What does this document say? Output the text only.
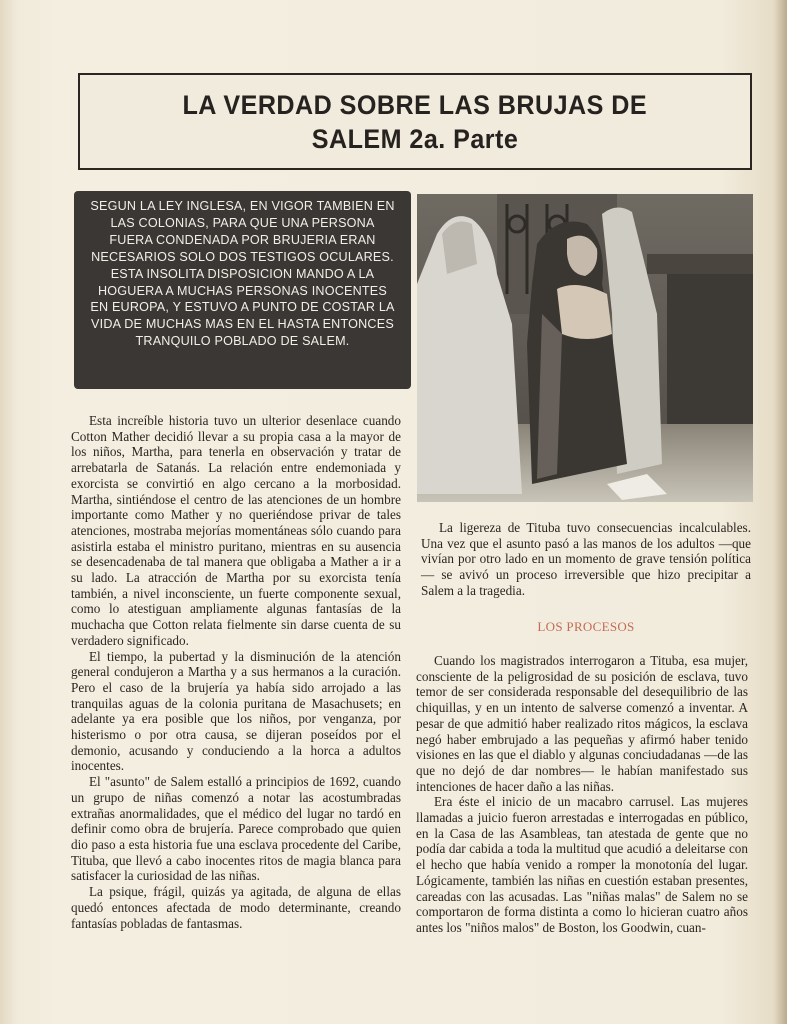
LA VERDAD SOBRE LAS BRUJAS DE
SALEM 2a. Parte
SEGUN LA LEY INGLESA, EN VIGOR TAMBIEN EN LAS COLONIAS, PARA QUE UNA PERSONA FUERA CONDENADA POR BRUJERIA ERAN NECESARIOS SOLO DOS TESTIGOS OCULARES. ESTA INSOLITA DISPOSICION MANDO A LA HOGUERA A MUCHAS PERSONAS INOCENTES EN EUROPA, Y ESTUVO A PUNTO DE COSTAR LA VIDA DE MUCHAS MAS EN EL HASTA ENTONCES TRANQUILO POBLADO DE SALEM.

Esta increíble historia tuvo un ulterior desenlace cuando Cotton Mather decidió llevar a su propia casa a la mayor de los niños, Martha, para tenerla en observación y tratar de arrebatarla de Satanás. La relación entre endemoniada y exorcista se convirtió en algo cercano a la morbosidad. Martha, sintiéndose el centro de las atenciones de un hombre importante como Mather y no queriéndose privar de tales atenciones, mostraba mejorías momentáneas sólo cuando para asistirla estaba el ministro puritano, mientras en su ausencia se desencadenaba de tal manera que obligaba a Mather a ir a su lado. La atracción de Martha por su exorcista tenía también, a nivel inconsciente, un fuerte componente sexual, como lo atestiguan ampliamente algunas fantasías de la muchacha que Cotton relata fielmente sin darse cuenta de su verdadero significado.

El tiempo, la pubertad y la disminución de la atención general condujeron a Martha y a sus hermanos a la curación. Pero el caso de la brujería ya había sido arrojado a las tranquilas aguas de la colonia puritana de Masachusets; en adelante ya era posible que los niños, por venganza, por histerismo o por otra causa, se dijeran poseídos por el demonio, acusando y conduciendo a la horca a adultos inocentes.

El "asunto" de Salem estalló a principios de 1692, cuando un grupo de niñas comenzó a notar las acostumbradas extrañas anormalidades, que el médico del lugar no tardó en definir como obra de brujería. Parece comprobado que quien dio paso a esta historia fue una esclava procedente del Caribe, Tituba, que llevó a cabo inocentes ritos de magia blanca para satisfacer la curiosidad de las niñas.

La psique, frágil, quizás ya agitada, de alguna de ellas quedó entonces afectada de modo determinante, creando fantasías pobladas de fantasmas.

La ligereza de Tituba tuvo consecuencias incalculables. Una vez que el asunto pasó a las manos de los adultos —que vivían por otro lado en un momento de grave tensión política— se avivó un proceso irreversible que hizo precipitar a Salem a la tragedia.

LOS PROCESOS

Cuando los magistrados interrogaron a Tituba, esa mujer, consciente de la peligrosidad de su posición de esclava, tuvo temor de ser considerada responsable del desequilibrio de las chiquillas, y en un intento de salverse comenzó a inventar. A pesar de que admitió haber realizado ritos mágicos, la esclava negó haber embrujado a las pequeñas y afirmó haber tenido visiones en las que el diablo y algunas conciudadanas —de las que no dejó de dar nombres— le habían manifestado sus intenciones de hacer daño a las niñas.

Era éste el inicio de un macabro carrusel. Las mujeres llamadas a juicio fueron arrestadas e interrogadas en público, en la Casa de las Asambleas, tan atestada de gente que no podía dar cabida a toda la multitud que acudió a deleitarse con el hecho que había venido a romper la monotonía del lugar. Lógicamente, también las niñas en cuestión estaban presentes, careadas con las acusadas. Las "niñas malas" de Salem no se comportaron de forma distinta a como lo hicieran cuatro años antes los "niños malos" de Boston, los Goodwin, cuan-
